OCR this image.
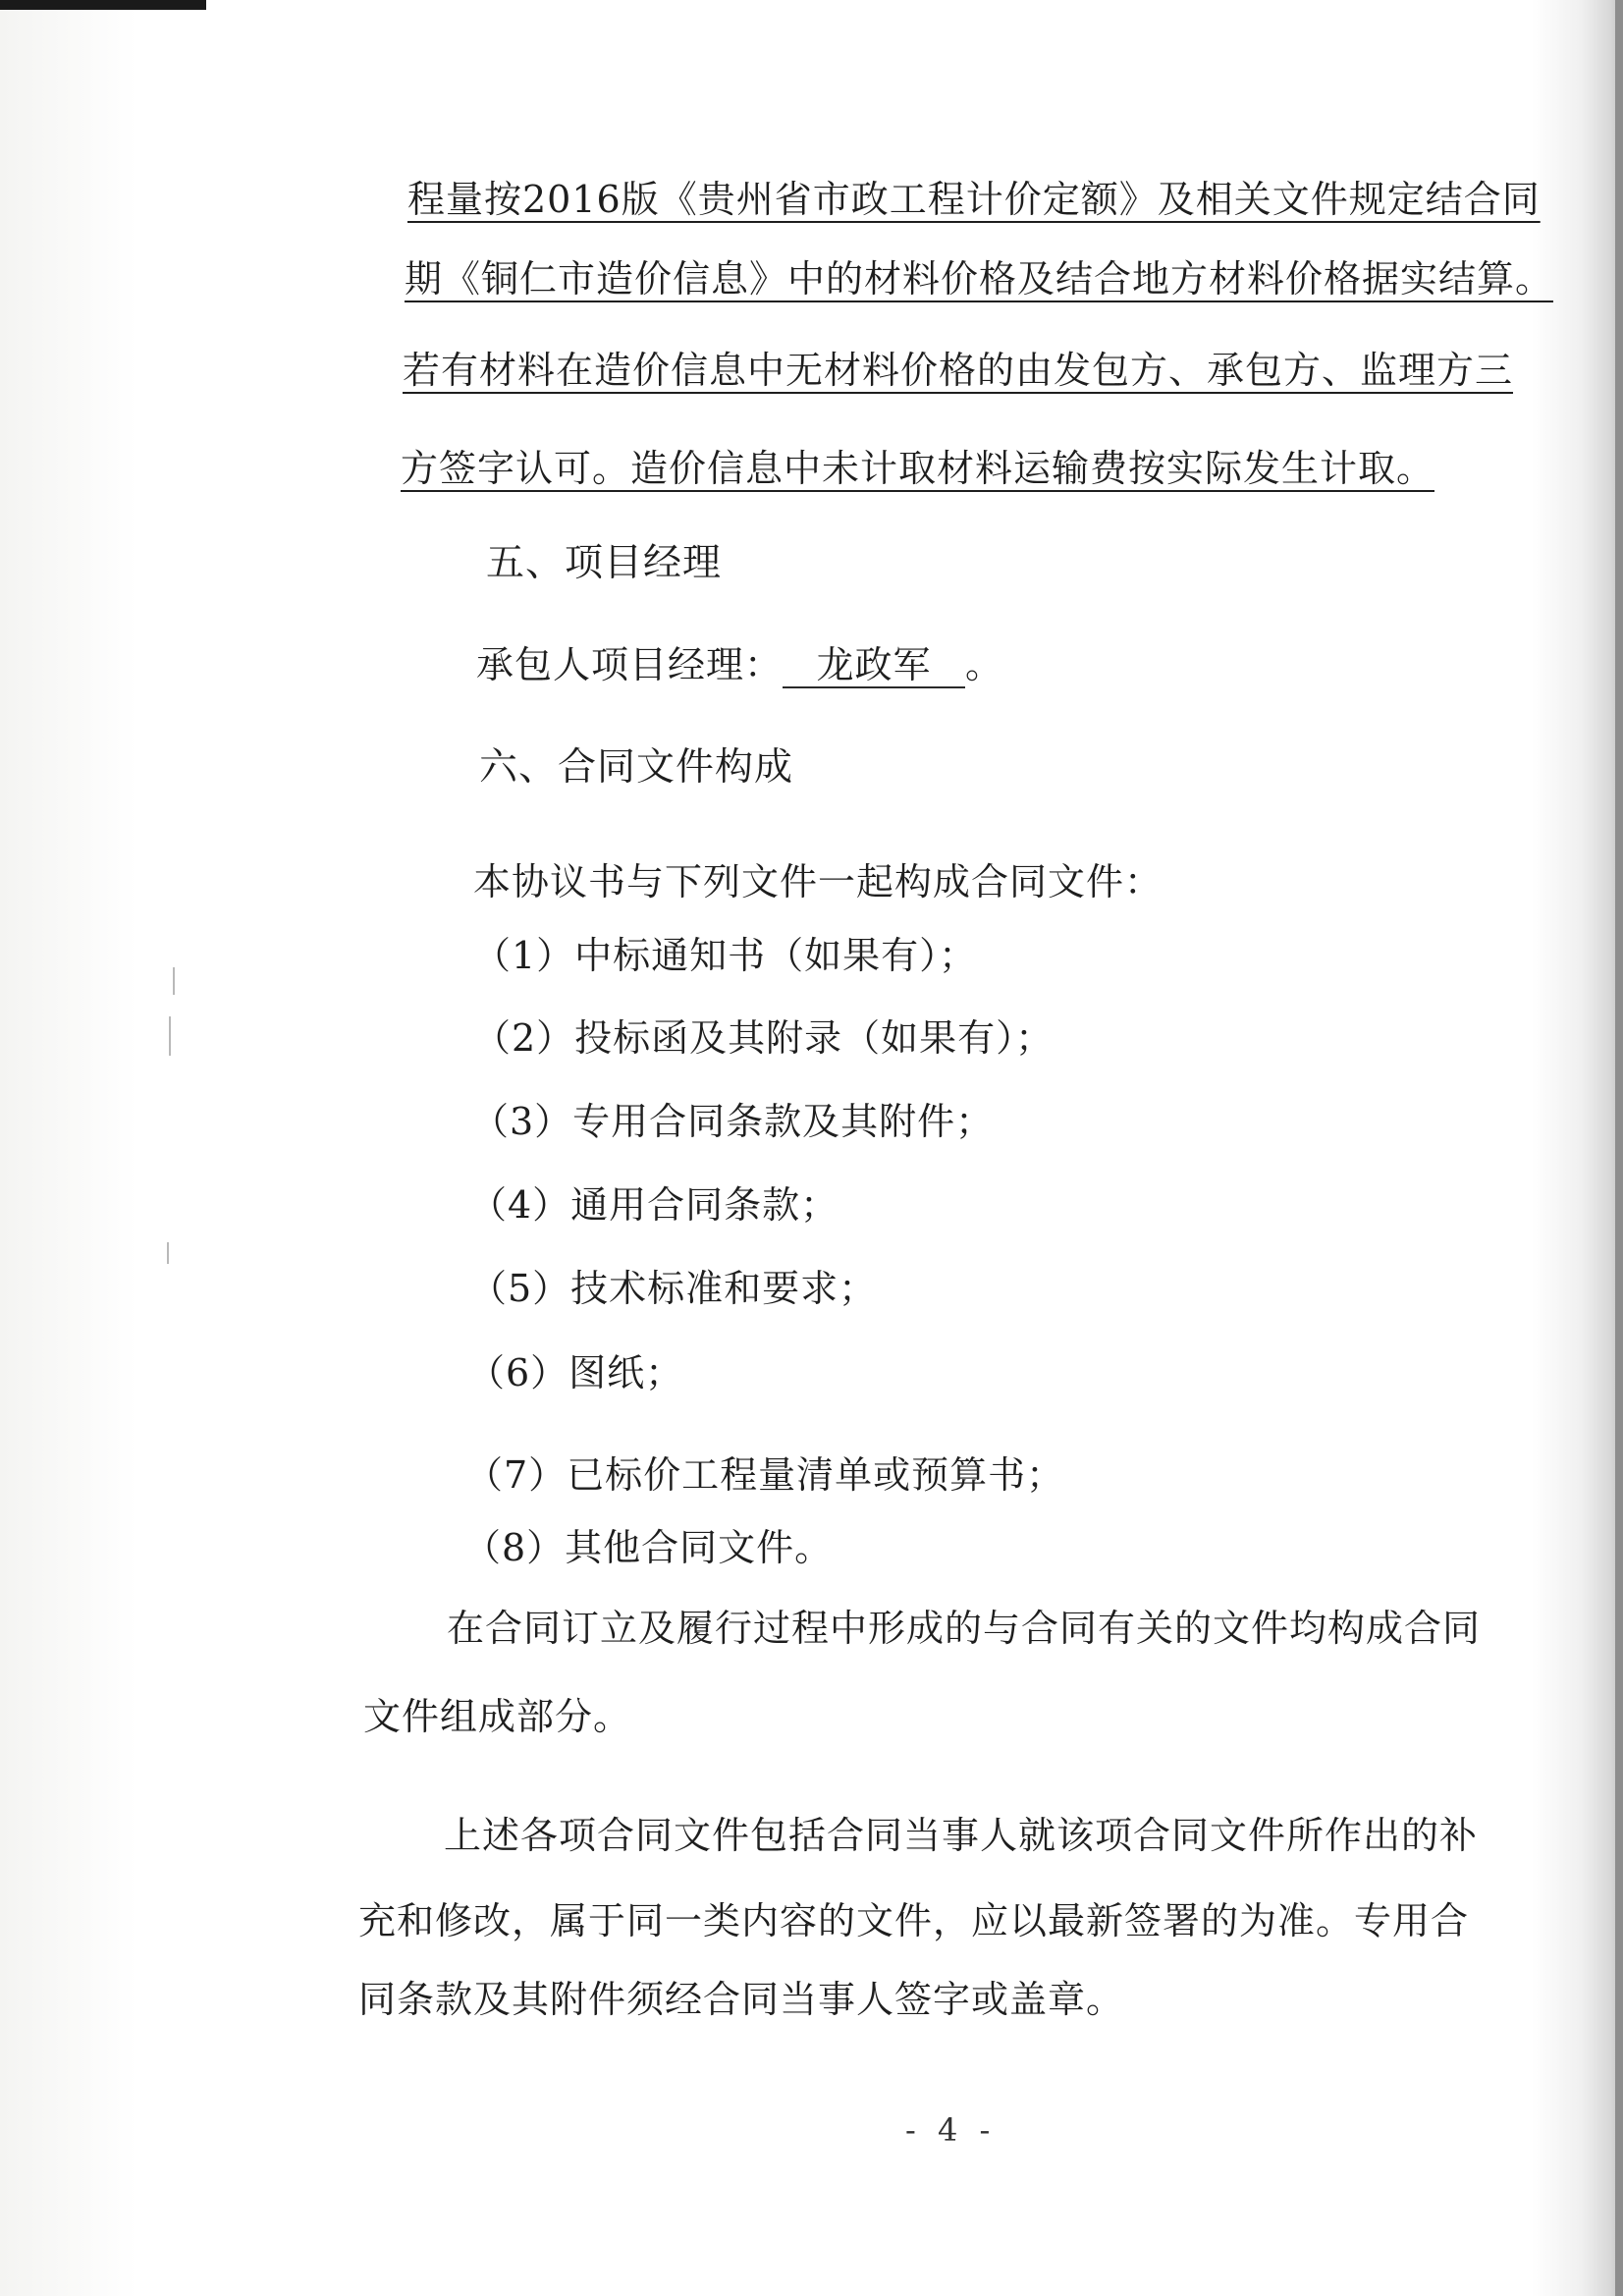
程量按2016版《贵州省市政工程计价定额》及相关文件规定结合同
期《铜仁市造价信息》中的材料价格及结合地方材料价格据实结算。
若有材料在造价信息中无材料价格的由发包方、承包方、监理方三
方签字认可。造价信息中未计取材料运输费按实际发生计取。
五、项目经理
承包人项目经理： 龙政军 。
六、合同文件构成
本协议书与下列文件一起构成合同文件：
（1）中标通知书（如果有）；
（2）投标函及其附录（如果有）；
（3）专用合同条款及其附件；
（4）通用合同条款；
（5）技术标准和要求；
（6）图纸；
（7）已标价工程量清单或预算书；
（8）其他合同文件。
在合同订立及履行过程中形成的与合同有关的文件均构成合同
文件组成部分。
上述各项合同文件包括合同当事人就该项合同文件所作出的补
充和修改，属于同一类内容的文件，应以最新签署的为准。专用合
同条款及其附件须经合同当事人签字或盖章。
- 4 -
